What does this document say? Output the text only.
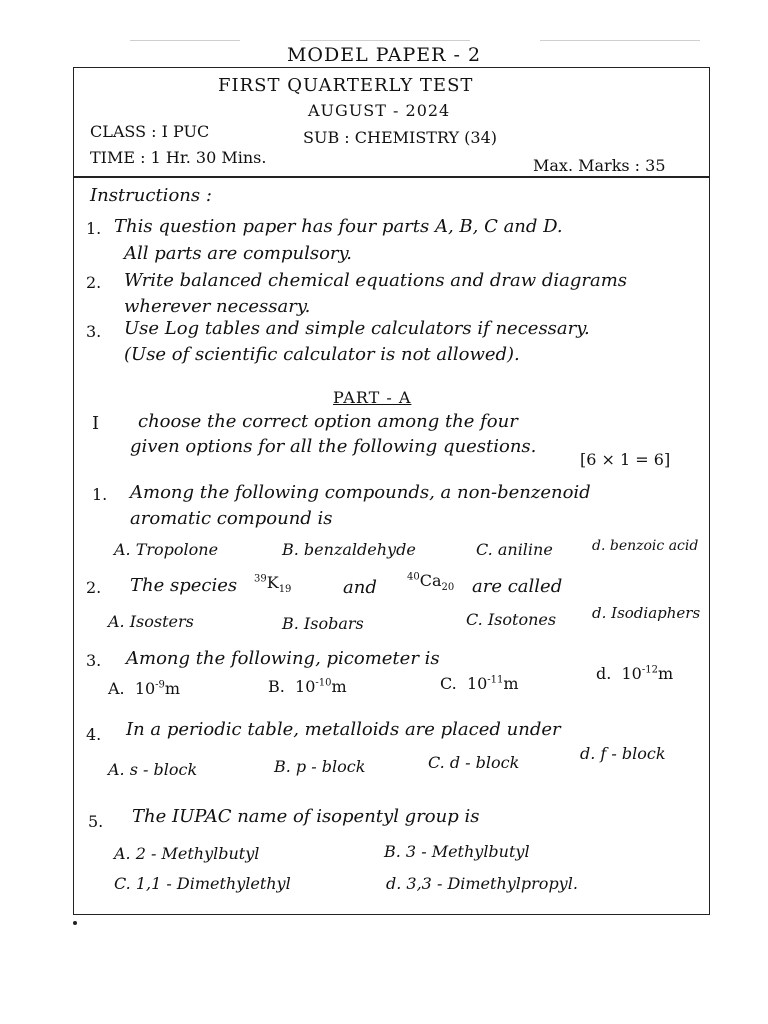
MODEL PAPER - 2
FIRST QUARTERLY TEST
AUGUST - 2024
CLASS : I PUC	SUB : CHEMISTRY (34)
TIME : 1 Hr. 30 Mins.	Max. Marks : 35
Instructions :
1. This question paper has four parts A, B, C and D.
All parts are compulsory.
2. Write balanced chemical equations and draw diagrams
wherever necessary.
3. Use Log tables and simple calculators if necessary.
(Use of scientific calculator is not allowed).
PART - A
I choose the correct option among the four
given options for all the following questions.
[6 × 1 = 6]
1. Among the following compounds, a non-benzenoid
aromatic compound is
A. Tropolone	B. benzaldehyde	C. aniline	d. benzoic acid
2. The species $^{39}K_{19}$	and	$^{40}Ca_{20}$ are called
A. Isosters	B. Isobars	C. Isotones d. Isodiaphers
3. Among the following, picometer is
A. $10^{-9}m$	B. $10^{-10}m$	C. $10^{-11}m$
d. $10^{-12}m$
4. In a periodic table, metalloids are placed under
A. s - block	B. p - block	C. d - block	d. f - block
5. The IUPAC name of isopentyl group is
A. 2 - Methylbutyl	B. 3 - Methylbutyl
C. 1,1 - Dimethylethyl	d. 3,3 - Dimethylpropyl.
